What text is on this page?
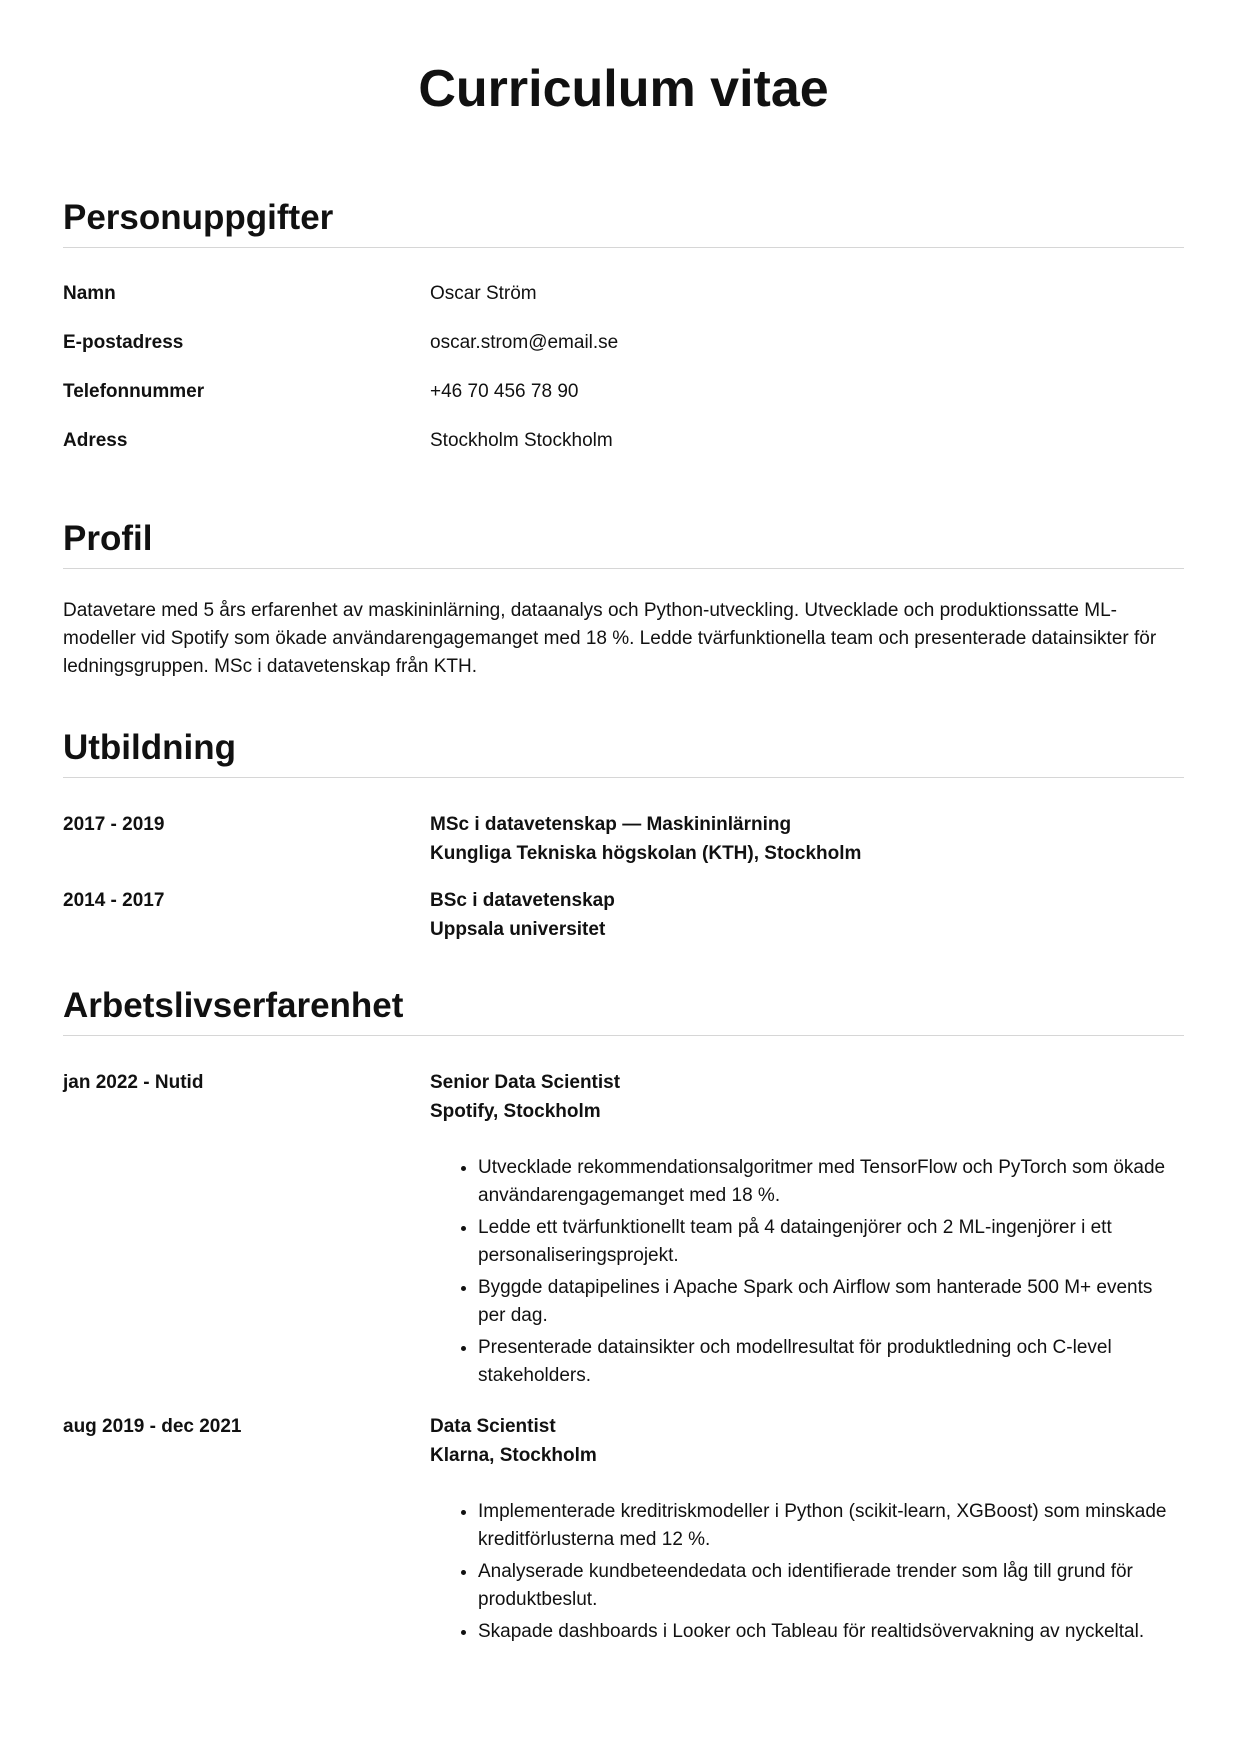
Curriculum vitae
Personuppgifter
Namn	Oscar Ström
E-postadress	oscar.strom@email.se
Telefonnummer	+46 70 456 78 90
Adress	Stockholm Stockholm
Profil

Datavetare med 5 års erfarenhet av maskininlärning, dataanalys och Python-utveckling. Utvecklade och produktionssatte ML-modeller vid Spotify som ökade användarengagemanget med 18 %. Ledde tvärfunktionella team och presenterade datainsikter för ledningsgruppen. MSc i datavetenskap från KTH.

Utbildning
2017 - 2019	MSc i datavetenskap — Maskininlärning
Kungliga Tekniska högskolan (KTH), Stockholm
2014 - 2017	BSc i datavetenskap
Uppsala universitet
Arbetslivserfarenhet
jan 2022 - Nutid	Senior Data Scientist
Spotify, Stockholm
• Utvecklade rekommendationsalgoritmer med TensorFlow och PyTorch som ökade användarengagemanget med 18 %.
• Ledde ett tvärfunktionellt team på 4 dataingenjörer och 2 ML-ingenjörer i ett personaliseringsprojekt.
• Byggde datapipelines i Apache Spark och Airflow som hanterade 500 M+ events per dag.
• Presenterade datainsikter och modellresultat för produktledning och C-level stakeholders.
aug 2019 - dec 2021	Data Scientist
Klarna, Stockholm
• Implementerade kreditriskmodeller i Python (scikit-learn, XGBoost) som minskade kreditförlusterna med 12 %.
• Analyserade kundbeteendedata och identifierade trender som låg till grund för produktbeslut.
• Skapade dashboards i Looker och Tableau för realtidsövervakning av nyckeltal.
